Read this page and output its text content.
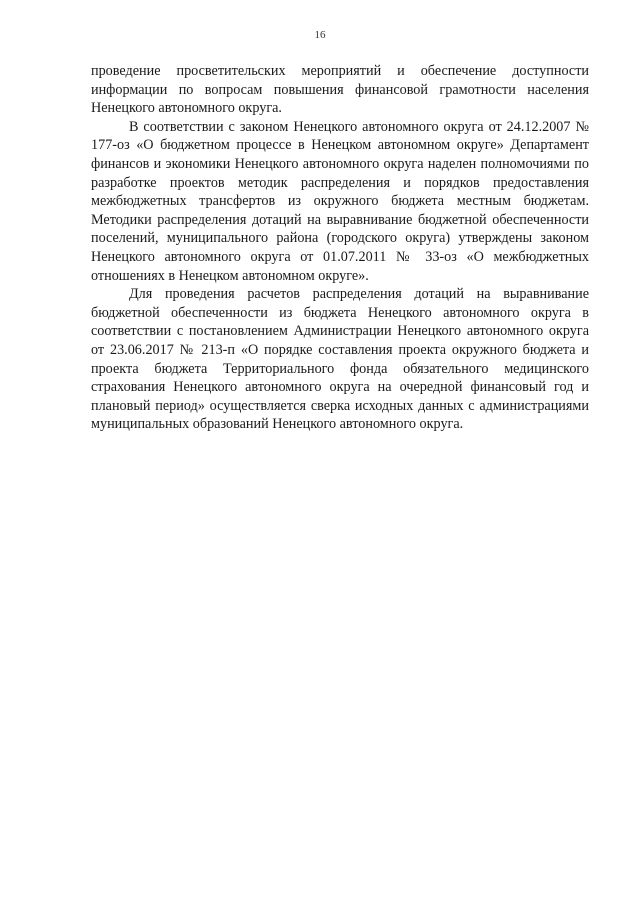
16

проведение просветительских мероприятий и обеспечение доступности информации по вопросам повышения финансовой грамотности населения Ненецкого автономного округа.

В соответствии с законом Ненецкого автономного округа от 24.12.2007 № 177-оз «О бюджетном процессе в Ненецком автономном округе» Департамент финансов и экономики Ненецкого автономного округа наделен полномочиями по разработке проектов методик распределения и порядков предоставления межбюджетных трансфертов из окружного бюджета местным бюджетам. Методики распределения дотаций на выравнивание бюджетной обеспеченности поселений, муниципального района (городского округа) утверждены законом Ненецкого автономного округа от 01.07.2011 № 33-оз «О межбюджетных отношениях в Ненецком автономном округе».

Для проведения расчетов распределения дотаций на выравнивание бюджетной обеспеченности из бюджета Ненецкого автономного округа в соответствии с постановлением Администрации Ненецкого автономного округа от 23.06.2017 № 213-п «О порядке составления проекта окружного бюджета и проекта бюджета Территориального фонда обязательного медицинского страхования Ненецкого автономного округа на очередной финансовый год и плановый период» осуществляется сверка исходных данных с администрациями муниципальных образований Ненецкого автономного округа.
